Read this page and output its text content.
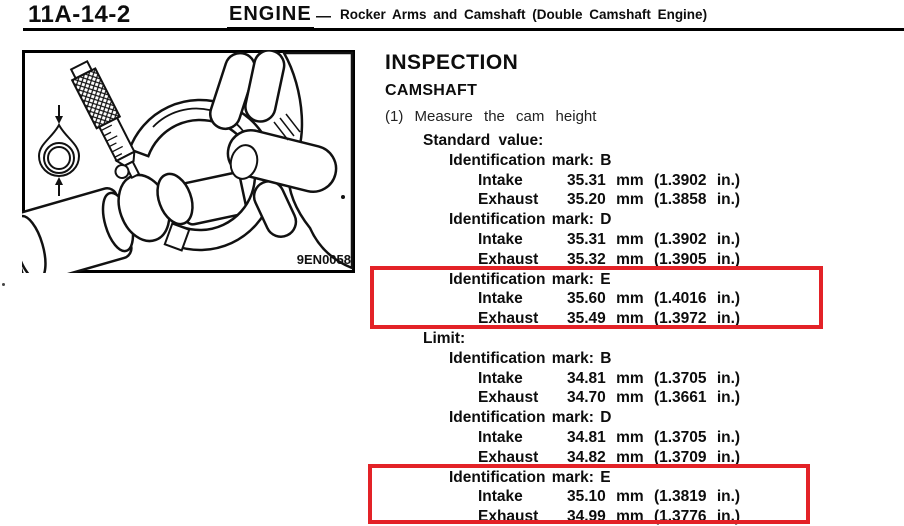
11A-14-2	ENGINE — Rocker Arms and Camshaft (Double Camshaft Engine)
9EN0058
INSPECTION
CAMSHAFT
(1) Measure the cam height
Standard value:
Identification mark: B
Intake	35.31 mm (1.3902 in.)
Exhaust	35.20 mm (1.3858 in.)
Identification mark: D
Intake	35.31 mm (1.3902 in.)
Exhaust	35.32 mm (1.3905 in.)
Identification mark: E
Intake	35.60 mm (1.4016 in.)
Exhaust	35.49 mm (1.3972 in.)
Limit:
Identification mark: B
Intake	34.81 mm (1.3705 in.)
Exhaust	34.70 mm (1.3661 in.)
Identification mark: D
Intake	34.81 mm (1.3705 in.)
Exhaust	34.82 mm (1.3709 in.)
Identification mark: E
Intake	35.10 mm (1.3819 in.)
Exhaust	34.99 mm (1.3776 in.)
